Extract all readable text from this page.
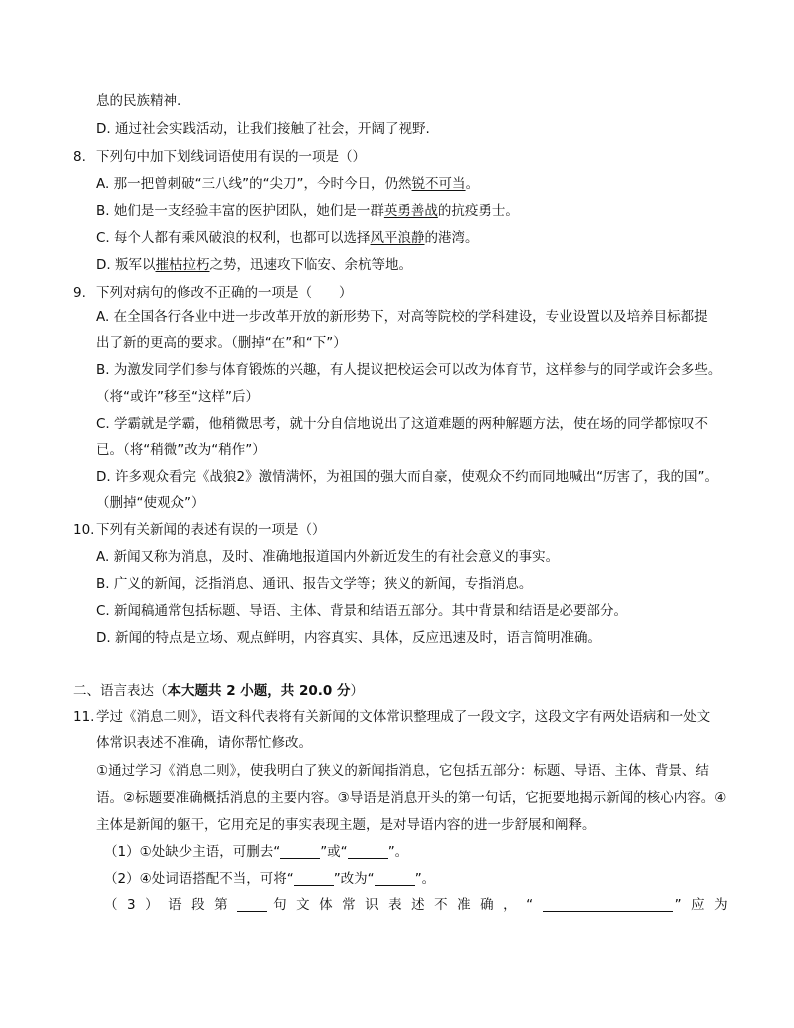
息的民族精神.
D. 通过社会实践活动，让我们接触了社会，开阔了视野.
8. 下列句中加下划线词语使用有误的一项是（）
A. 那一把曾刺破“三八线”的“尖刀”，今时今日，仍然锐不可当。
B. 她们是一支经验丰富的医护团队，她们是一群英勇善战的抗疫勇士。
C. 每个人都有乘风破浪的权利，也都可以选择风平浪静的港湾。
D. 叛军以摧枯拉朽之势，迅速攻下临安、余杭等地。
9. 下列对病句的修改不正确的一项是（　　）
A. 在全国各行各业中进一步改革开放的新形势下，对高等院校的学科建设，专业设置以及培养目标都提
出了新的更高的要求。（删掉“在”和“下”）
B. 为激发同学们参与体育锻炼的兴趣，有人提议把校运会可以改为体育节，这样参与的同学或许会多些。
（将“或许”移至“这样”后）
C. 学霸就是学霸，他稍微思考，就十分自信地说出了这道难题的两种解题方法，使在场的同学都惊叹不
已。（将“稍微”改为“稍作”）
D. 许多观众看完《战狼2》激情满怀，为祖国的强大而自豪，使观众不约而同地喊出“厉害了，我的国”。
（删掉“使观众”）
10. 下列有关新闻的表述有误的一项是（）
A. 新闻又称为消息，及时、准确地报道国内外新近发生的有社会意义的事实。
B. 广义的新闻，泛指消息、通讯、报告文学等；狭义的新闻，专指消息。
C. 新闻稿通常包括标题、导语、主体、背景和结语五部分。其中背景和结语是必要部分。
D. 新闻的特点是立场、观点鲜明，内容真实、具体，反应迅速及时，语言简明准确。
二、语言表达（本大题共 2 小题，共 20.0 分）
11. 学过《消息二则》，语文科代表将有关新闻的文体常识整理成了一段文字，这段文字有两处语病和一处文
体常识表述不准确，请你帮忙修改。
①通过学习《消息二则》，使我明白了狭义的新闻指消息，它包括五部分：标题、导语、主体、背景、结
语。②标题要准确概括消息的主要内容。③导语是消息开头的第一句话，它扼要地揭示新闻的核心内容。④
主体是新闻的躯干，它用充足的事实表现主题，是对导语内容的进一步舒展和阐释。
（1）①处缺少主语，可删去“	”或“	”。
（2）④处词语搭配不当，可将“	”改为“	”。
（3）语段第	句文体常识表述不准确，“	”应为
